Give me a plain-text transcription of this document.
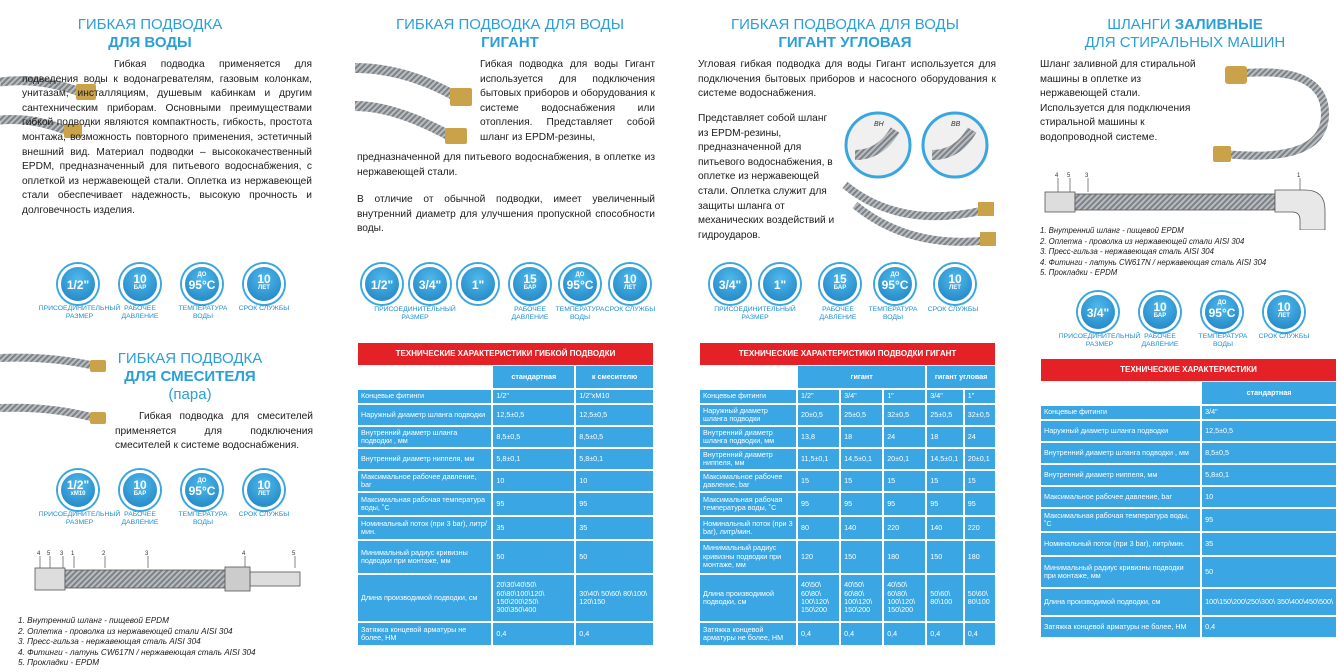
ГИБКАЯ ПОДВОДКА
ДЛЯ ВОДЫ
Гибкая подводка применяется для подведения воды к водонагревателям, газовым колонкам, унитазам, инсталляциям, душевым кабинкам и другим сантехническим приборам. Основными преимуществами гибкой подводки являются компактность, гибкость, простота монтажа, возможность повторного применения, эстетичный внешний вид. Материал подводки – высококачественный EPDM, предназначенный для питьевого водоснабжения, с оплеткой из нержавеющей стали. Оплетка из нержавеющей стали обеспечивает надежность, высокую прочность и долговечность изделия.
1/2"	10
БАР
ДО
95°С	10
ЛЕТ
ПРИСОЕДИНИТЕЛЬНЫЙ РАЗМЕР
РАБОЧЕЕ ДАВЛЕНИЕ
ТЕМПЕРАТУРА ВОДЫ
СРОК СЛУЖБЫ
ГИБКАЯ ПОДВОДКА
ДЛЯ СМЕСИТЕЛЯ
(пара)
Гибкая подводка для смесителей применяется для подключения смесителей к системе водоснабжения.
1/2"
xM10
10
БАР
ДО
95°С	10
ЛЕТ
ПРИСОЕДИНИТЕЛЬНЫЙ РАЗМЕР
РАБОЧЕЕ ДАВЛЕНИЕ
ТЕМПЕРАТУРА ВОДЫ
СРОК СЛУЖБЫ
4 5 3 1	2	3	4	5
1. Внутренний шланг - пищевой EPDM
2. Оплетка - проволка из нержавеющей стали AISI 304
3. Пресс-гильза - нержавеющая сталь AISI 304
4. Фитинги - латунь CW617N / нержавеющая сталь AISI 304
5. Прокладки - EPDM
ГИБКАЯ ПОДВОДКА ДЛЯ ВОДЫ
ГИГАНТ
Гибкая подводка для воды Гигант используется для подключения бытовых приборов и оборудования к системе водоснабжения или отопления. Представляет собой шланг из EPDM-резины,
предназначенной для питьевого водоснабжения, в оплетке из нержавеющей стали.
В отличие от обычной подводки, имеет увеличенный внутренний диаметр для улучшения пропускной способности воды.
1/2"	3/4"	1"	15
БАР
ДО
95°С	10
ЛЕТ
ПРИСОЕДИНИТЕЛЬНЫЙ РАЗМЕР
РАБОЧЕЕ ДАВЛЕНИЕ
ТЕМПЕРАТУРА ВОДЫ
СРОК СЛУЖБЫ
ТЕХНИЧЕСКИЕ ХАРАКТЕРИСТИКИ ГИБКОЙ ПОДВОДКИ
	стандартная	к смесителю
Концевые фитинги	1/2"	1/2"xM10
Наружный диаметр шланга подводки	12,5±0,5	12,5±0,5
Внутренний диаметр шланга подводки , мм	8,5±0,5	8,5±0,5
Внутренний диаметр ниппеля, мм	5,8±0,1	5,8±0,1
Максимальное рабочее давление, bar	10	10
Максимальная рабочая температура воды, ˚С	95	95
Номинальный поток (при 3 bar), литр/мин.	35	35
Минимальный радиус кривизны подводки при монтаже, мм	50	50
Длина производимой подводки, см	20\30\40\50\ 60\80\100\120\ 150\200\250\ 300\350\400	30\40\ 50\60\ 80\100\ 120\150
Затяжка концевой арматуры не более, НМ	0,4	0,4
ГИБКАЯ ПОДВОДКА ДЛЯ ВОДЫ
ГИГАНТ УГЛОВАЯ
Угловая гибкая подводка для воды Гигант используется для подключения бытовых приборов и насосного оборудования к системе водоснабжения.
Представляет собой шланг из EPDM-резины, предназначенной для питьевого водоснабжения, в оплетке из нержавеющей стали. Оплетка служит для защиты шланга от механических воздействий и гидроударов.
ВН	ВВ
3/4"	1"	15
БАР
ДО
95°С	10
ЛЕТ
ПРИСОЕДИНИТЕЛЬНЫЙ РАЗМЕР
РАБОЧЕЕ ДАВЛЕНИЕ
ТЕМПЕРАТУРА ВОДЫ
СРОК СЛУЖБЫ
ТЕХНИЧЕСКИЕ ХАРАКТЕРИСТИКИ ПОДВОДКИ ГИГАНТ
	гигант			гигант угловая	
Концевые фитинги	1/2"	3/4"	1"	3/4"	1"
Наружный диаметр шланга подводки	20±0,5	25±0,5	32±0,5	25±0,5	32±0,5
Внутренний диаметр шланга подводки, мм	13,8	18	24	18	24
Внутренний диаметр ниппеля, мм	11,5±0,1	14,5±0,1	20±0,1	14,5±0,1	20±0,1
Максимальное рабочее давление, bar	15	15	15	15	15
Максимальная рабочая температура воды, ˚С	95	95	95	95	95
Номинальный поток (при 3 bar), литр/мин.	80	140	220	140	220
Минимальный радиус кривизны подводки при монтаже, мм	120	150	180	150	180
Длина производимой подводки, см	40\50\ 60\80\ 100\120\ 150\200	40\50\ 60\80\ 100\120\ 150\200	40\50\ 60\80\ 100\120\ 150\200	50\60\ 80\100	50\60\ 80\100
Затяжка концевой арматуры не более, НМ	0,4	0,4	0,4	0,4	0,4
ШЛАНГИ ЗАЛИВНЫЕ
ДЛЯ СТИРАЛЬНЫХ МАШИН
Шланг заливной для стиральной машины в оплетке из нержавеющей стали. Используется для подключения стиральной машины к водопроводной системе.
4 5 3	1
1. Внутренний шланг - пищевой EPDM
2. Оплетка - проволка из нержавеющей стали AISI 304
3. Пресс-гильза - нержавеющая сталь AISI 304
4. Фитинги - латунь CW617N / нержавеющая сталь AISI 304
5. Прокладки - EPDM
3/4"	10
БАР
ДО
95°С	10
ЛЕТ
ПРИСОЕДИНИТЕЛЬНЫЙ РАЗМЕР
РАБОЧЕЕ ДАВЛЕНИЕ
ТЕМПЕРАТУРА ВОДЫ
СРОК СЛУЖБЫ
ТЕХНИЧЕСКИЕ ХАРАКТЕРИСТИКИ
	стандартная
Концевые фитинги	3/4"
Наружный диаметр шланга подводки	12,5±0,5
Внутренний диаметр шланга подводки , мм	8,5±0,5
Внутренний диаметр ниппеля, мм	5,8±0,1
Максимальное рабочее давление, bar	10
Максимальная рабочая температура воды, ˚С	95
Номинальный поток (при 3 bar), литр/мин.	35
Минимальный радиус кривизны подводки при монтаже, мм	50
Длина производимой подводки, см	100\150\200\250\300\ 350\400\450\500\
Затяжка концевой арматуры не более, НМ	0,4
